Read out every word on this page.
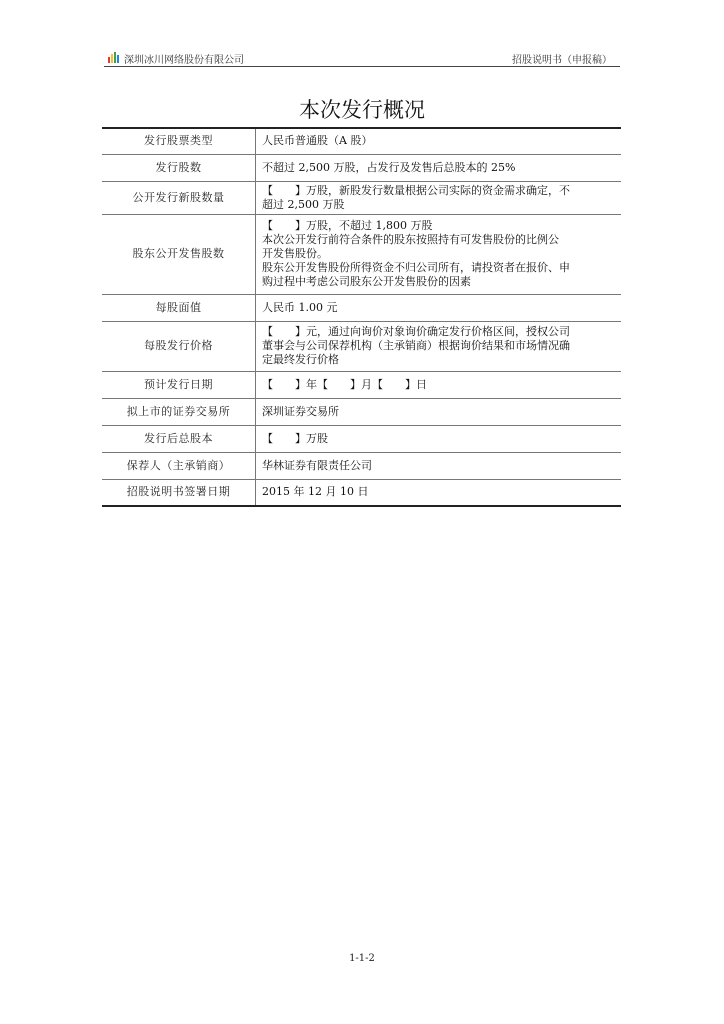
深圳冰川网络股份有限公司	招股说明书（申报稿）
本次发行概况
发行股票类型	人民币普通股（A 股）

发行股数	不超过 2,500 万股，占发行及发售后总股本的 25%

公开发行新股数量	【　　】万股，新股发行数量根据公司实际的资金需求确定，不
超过 2,500 万股

股东公开发售股数	【　　】万股，不超过 1,800 万股
本次公开发行前符合条件的股东按照持有可发售股份的比例公
开发售股份。
股东公开发售股份所得资金不归公司所有，请投资者在报价、申
购过程中考虑公司股东公开发售股份的因素

每股面值	人民币 1.00 元

每股发行价格	【　　】元，通过向询价对象询价确定发行价格区间，授权公司
董事会与公司保荐机构（主承销商）根据询价结果和市场情况确
定最终发行价格

预计发行日期	【　　】年【　　】月【　　】日

拟上市的证券交易所	深圳证券交易所

发行后总股本	【　　】万股

保荐人（主承销商）	华林证券有限责任公司

招股说明书签署日期	2015 年 12 月 10 日
1-1-2
